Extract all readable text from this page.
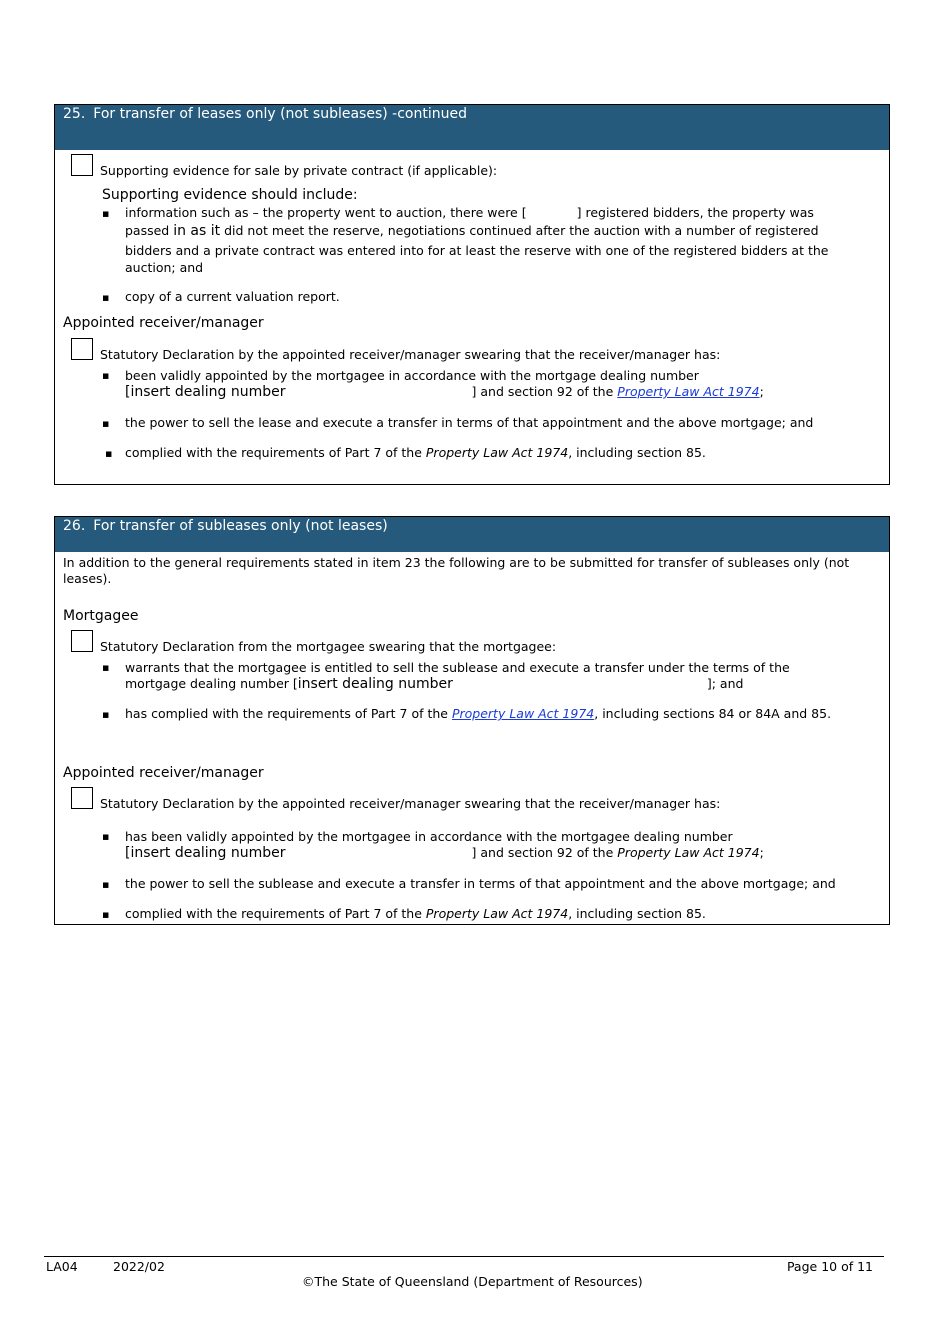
25. For transfer of leases only (not subleases) -continued
Supporting evidence for sale by private contract (if applicable):
Supporting evidence should include:
▪ information such as – the property went to auction, there were [	] registered bidders, the property was
passed in as it did not meet the reserve, negotiations continued after the auction with a number of registered
bidders and a private contract was entered into for at least the reserve with one of the registered bidders at the
auction; and
▪ copy of a current valuation report.
Appointed receiver/manager
Statutory Declaration by the appointed receiver/manager swearing that the receiver/manager has:
▪ been validly appointed by the mortgagee in accordance with the mortgage dealing number
[insert dealing number	] and section 92 of the Property Law Act 1974;
▪ the power to sell the lease and execute a transfer in terms of that appointment and the above mortgage; and
▪ complied with the requirements of Part 7 of the Property Law Act 1974, including section 85.
26. For transfer of subleases only (not leases)
In addition to the general requirements stated in item 23 the following are to be submitted for transfer of subleases only (not
leases).
Mortgagee
Statutory Declaration from the mortgagee swearing that the mortgagee:
▪ warrants that the mortgagee is entitled to sell the sublease and execute a transfer under the terms of the
mortgage dealing number [insert dealing number	]; and
▪ has complied with the requirements of Part 7 of the Property Law Act 1974, including sections 84 or 84A and 85.
Appointed receiver/manager
Statutory Declaration by the appointed receiver/manager swearing that the receiver/manager has:
▪ has been validly appointed by the mortgagee in accordance with the mortgagee dealing number
[insert dealing number	] and section 92 of the Property Law Act 1974;
▪ the power to sell the sublease and execute a transfer in terms of that appointment and the above mortgage; and
▪ complied with the requirements of Part 7 of the Property Law Act 1974, including section 85.
LA04	2022/02	Page 10 of 11
©The State of Queensland (Department of Resources)
